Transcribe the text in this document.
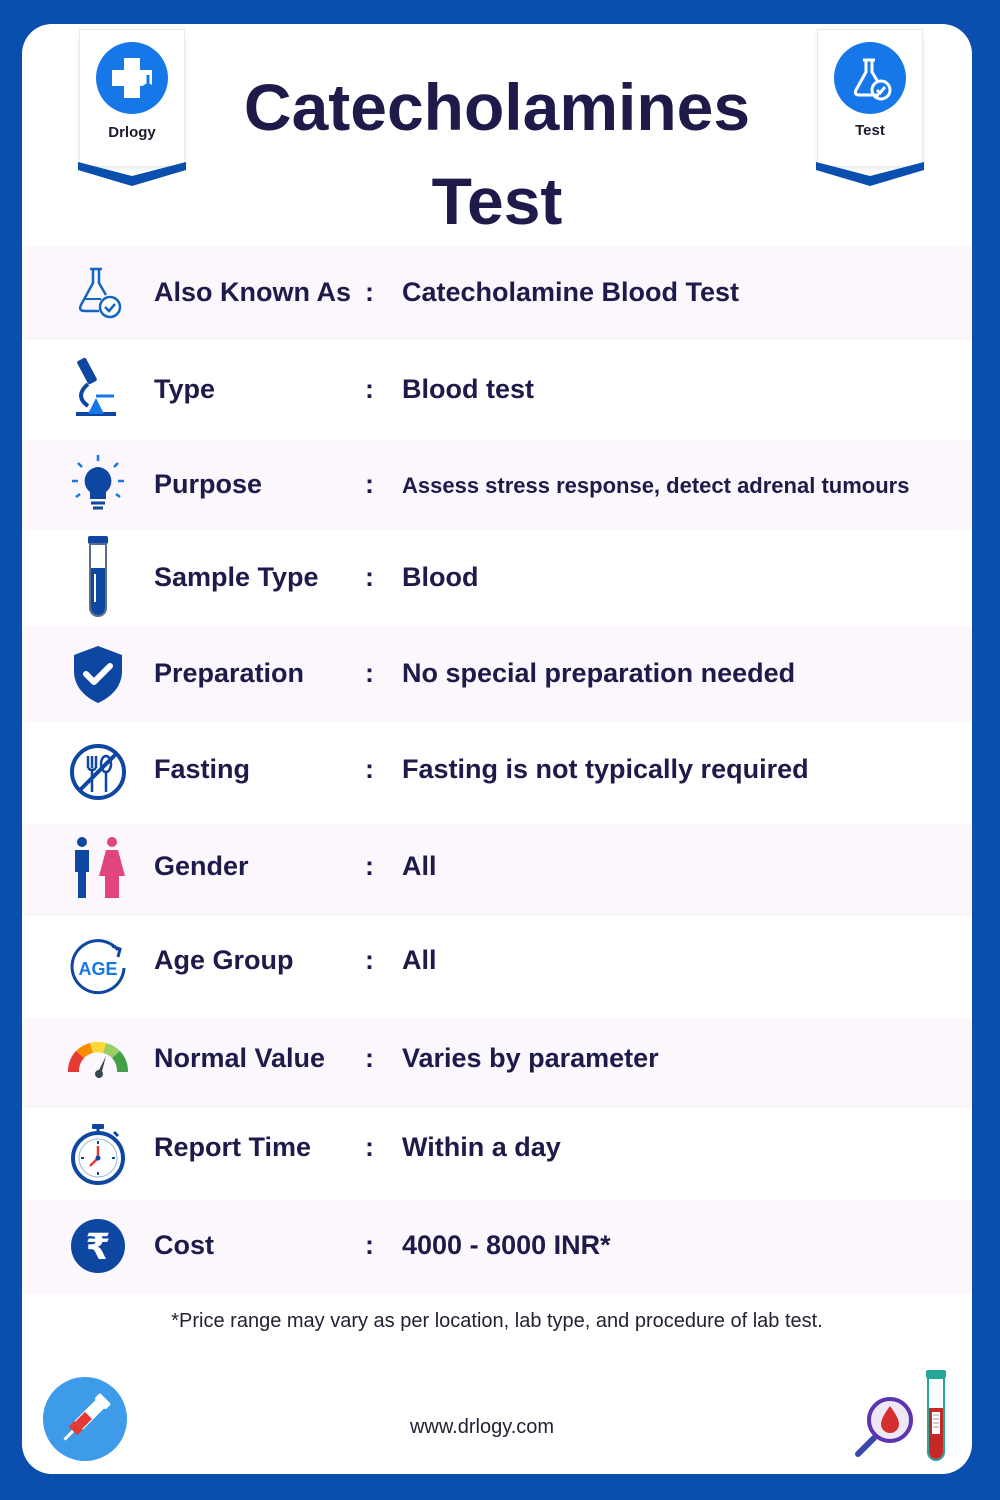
Drlogy	Test
Catecholamines
Test
Also Known As : Catecholamine Blood Test
Type	: Blood test
Purpose	: Assess stress response, detect adrenal tumours
Sample Type : Blood
Preparation : No special preparation needed
Fasting	: Fasting is not typically required
Gender	: All
AGE Age Group	: All
Normal Value : Varies by parameter
Report Time : Within a day
₹ Cost	: 4000 - 8000 INR*
*Price range may vary as per location, lab type, and procedure of lab test.
www.drlogy.com
